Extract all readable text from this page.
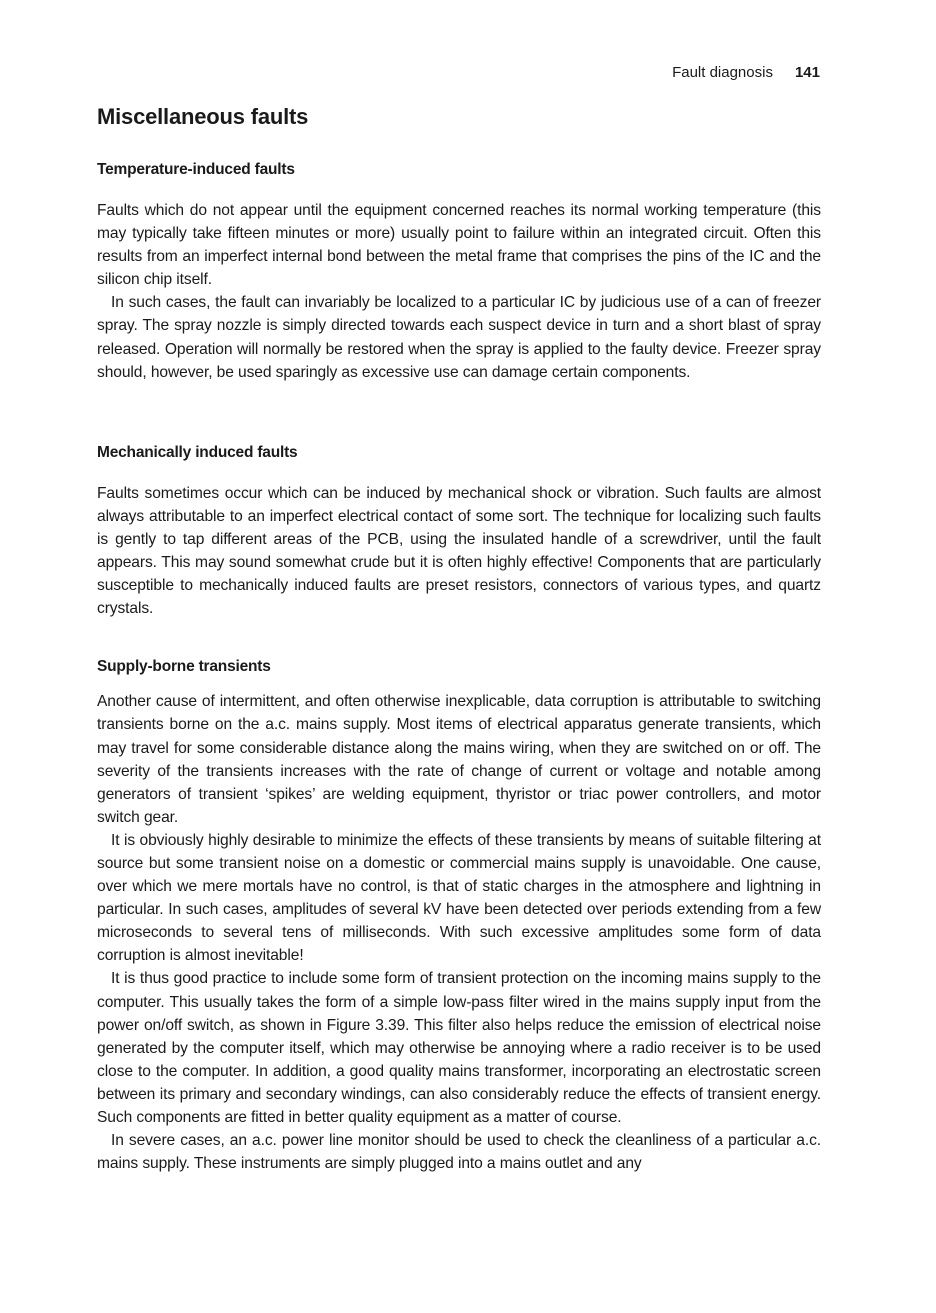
Fault diagnosis 141
Miscellaneous faults
Temperature-induced faults

Faults which do not appear until the equipment concerned reaches its normal working temperature (this may typically take fifteen minutes or more) usually point to failure within an integrated circuit. Often this results from an imperfect internal bond between the metal frame that comprises the pins of the IC and the silicon chip itself.

In such cases, the fault can invariably be localized to a particular IC by judicious use of a can of freezer spray. The spray nozzle is simply directed towards each suspect device in turn and a short blast of spray released. Operation will normally be restored when the spray is applied to the faulty device. Freezer spray should, however, be used sparingly as excessive use can damage certain components.

Mechanically induced faults

Faults sometimes occur which can be induced by mechanical shock or vibration. Such faults are almost always attributable to an imperfect electrical contact of some sort. The technique for localizing such faults is gently to tap different areas of the PCB, using the insulated handle of a screwdriver, until the fault appears. This may sound somewhat crude but it is often highly effective! Components that are particularly susceptible to mechanically induced faults are preset resistors, connectors of various types, and quartz crystals.

Supply-borne transients

Another cause of intermittent, and often otherwise inexplicable, data corruption is attributable to switching transients borne on the a.c. mains supply. Most items of electrical apparatus generate transients, which may travel for some considerable distance along the mains wiring, when they are switched on or off. The severity of the transients increases with the rate of change of current or voltage and notable among generators of transient ‘spikes’ are welding equipment, thyristor or triac power controllers, and motor switch gear.

It is obviously highly desirable to minimize the effects of these transients by means of suitable filtering at source but some transient noise on a domestic or commercial mains supply is unavoidable. One cause, over which we mere mortals have no control, is that of static charges in the atmosphere and lightning in particular. In such cases, amplitudes of several kV have been detected over periods extending from a few microseconds to several tens of milliseconds. With such excessive amplitudes some form of data corruption is almost inevitable!

It is thus good practice to include some form of transient protection on the incoming mains supply to the computer. This usually takes the form of a simple low-pass filter wired in the mains supply input from the power on/off switch, as shown in Figure 3.39. This filter also helps reduce the emission of electrical noise generated by the computer itself, which may otherwise be annoying where a radio receiver is to be used close to the computer. In addition, a good quality mains transformer, incorporating an electrostatic screen between its primary and secondary windings, can also considerably reduce the effects of transient energy. Such components are fitted in better quality equipment as a matter of course.

In severe cases, an a.c. power line monitor should be used to check the cleanliness of a particular a.c. mains supply. These instruments are simply plugged into a mains outlet and any
